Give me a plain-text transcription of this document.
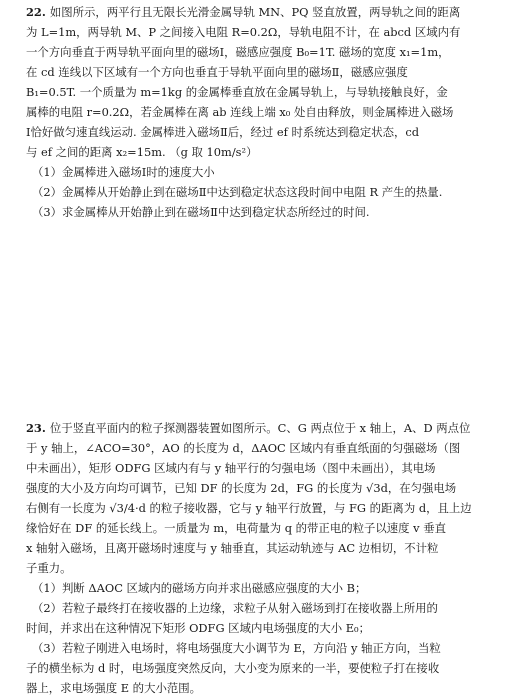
22. 如图所示，两平行且无限长光滑金属导轨 MN、PQ 竖直放置，两导轨之间的距离
为 L=1m，两导轨 M、P 之间接入电阻 R=0.2Ω，导轨电阻不计，在 abcd 区域内有
一个方向垂直于两导轨平面向里的磁场Ⅰ，磁感应强度 B₀=1T. 磁场的宽度 x₁=1m，
在 cd 连线以下区域有一个方向也垂直于导轨平面向里的磁场Ⅱ，磁感应强度
B₁=0.5T. 一个质量为 m=1kg 的金属棒垂直放在金属导轨上，与导轨接触良好，金
属棒的电阻 r=0.2Ω，若金属棒在离 ab 连线上端 x₀ 处自由释放，则金属棒进入磁场
Ⅰ恰好做匀速直线运动. 金属棒进入磁场Ⅱ后，经过 ef 时系统达到稳定状态，cd
与 ef 之间的距离 x₂=15m. （g 取 10m/s²）
（1）金属棒进入磁场Ⅰ时的速度大小
（2）金属棒从开始静止到在磁场Ⅱ中达到稳定状态这段时间中电阻 R 产生的热量.
（3）求金属棒从开始静止到在磁场Ⅱ中达到稳定状态所经过的时间.
23. 位于竖直平面内的粒子探测器装置如图所示。C、G 两点位于 x 轴上，A、D 两点位
于 y 轴上，∠ACO=30°，AO 的长度为 d，ΔAOC 区域内有垂直纸面的匀强磁场（图
中未画出），矩形 ODFG 区域内有与 y 轴平行的匀强电场（图中未画出），其电场
强度的大小及方向均可调节，已知 DF 的长度为 2d，FG 的长度为 √3d，在匀强电场
右侧有一长度为 √3/4·d 的粒子接收器，它与 y 轴平行放置，与 FG 的距离为 d，且上边
缘恰好在 DF 的延长线上。一质量为 m，电荷量为 q 的带正电的粒子以速度 v 垂直
x 轴射入磁场，且离开磁场时速度与 y 轴垂直，其运动轨迹与 AC 边相切，不计粒
子重力。
（1）判断 ΔAOC 区域内的磁场方向并求出磁感应强度的大小 B；
（2）若粒子最终打在接收器的上边缘，求粒子从射入磁场到打在接收器上所用的
时间，并求出在这种情况下矩形 ODFG 区域内电场强度的大小 E₀；
（3）若粒子刚进入电场时，将电场强度大小调节为 E，方向沿 y 轴正方向，当粒
子的横坐标为 d 时，电场强度突然反向，大小变为原来的一半，要使粒子打在接收
器上，求电场强度 E 的大小范围。
